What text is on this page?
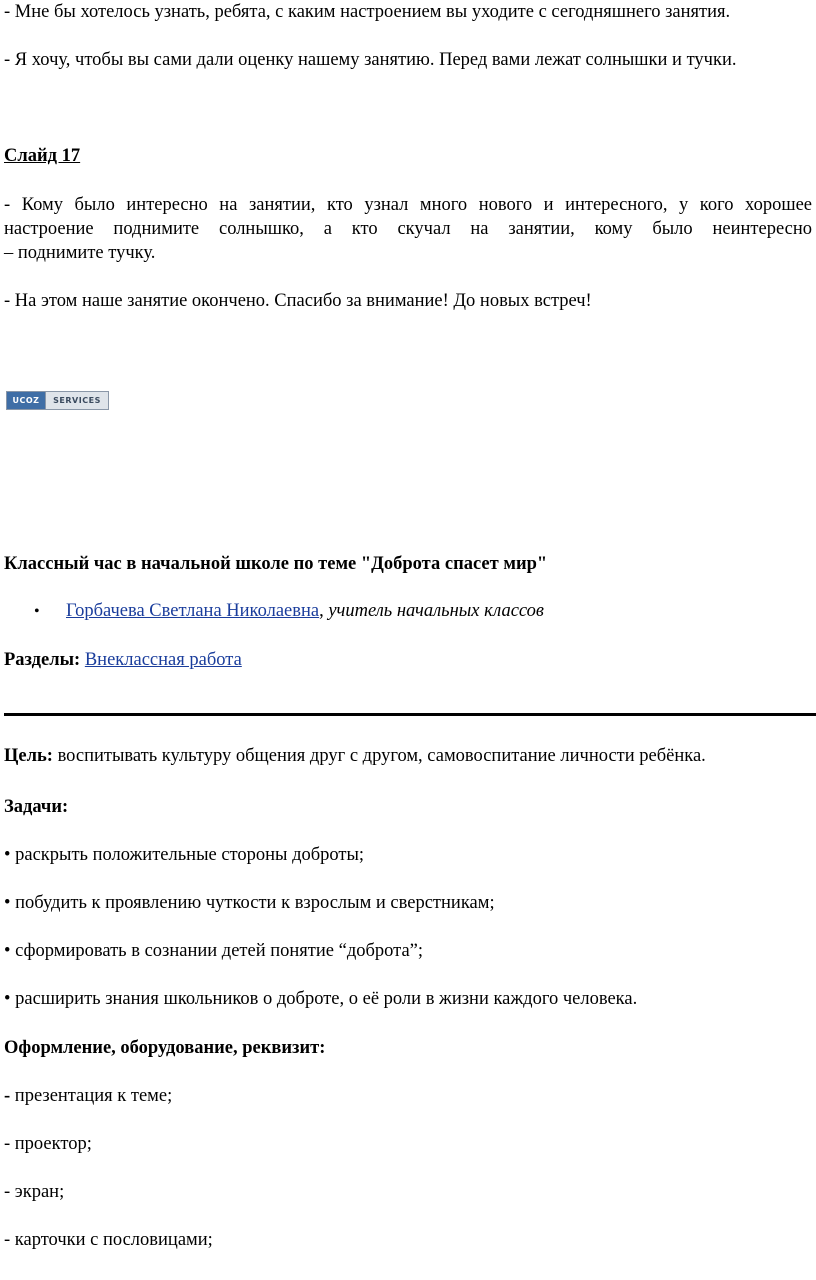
- Мне бы хотелось узнать, ребята, с каким настроением вы уходите с сегодняшнего занятия.
- Я хочу, чтобы вы сами дали оценку нашему занятию. Перед вами лежат солнышки и тучки.
Слайд 17
- Кому было интересно на занятии, кто узнал много нового и интересного, у кого хорошее
настроение поднимите солнышко, а кто скучал на занятии, кому было неинтересно
– поднимите тучку.
- На этом наше занятие окончено. Спасибо за внимание! До новых встреч!
UCOZ	SERVICES
Классный час в начальной школе по теме "Доброта спасет мир"
• Горбачева Светлана Николаевна, учитель начальных классов
Разделы: Внеклассная работа
Цель: воспитывать культуру общения друг с другом, самовоспитание личности ребёнка.
Задачи:
• раскрыть положительные стороны доброты;
• побудить к проявлению чуткости к взрослым и сверстникам;
• сформировать в сознании детей понятие “доброта”;
• расширить знания школьников о доброте, о её роли в жизни каждого человека.
Оформление, оборудование, реквизит:
- презентация к теме;
- проектор;
- экран;
- карточки с пословицами;
